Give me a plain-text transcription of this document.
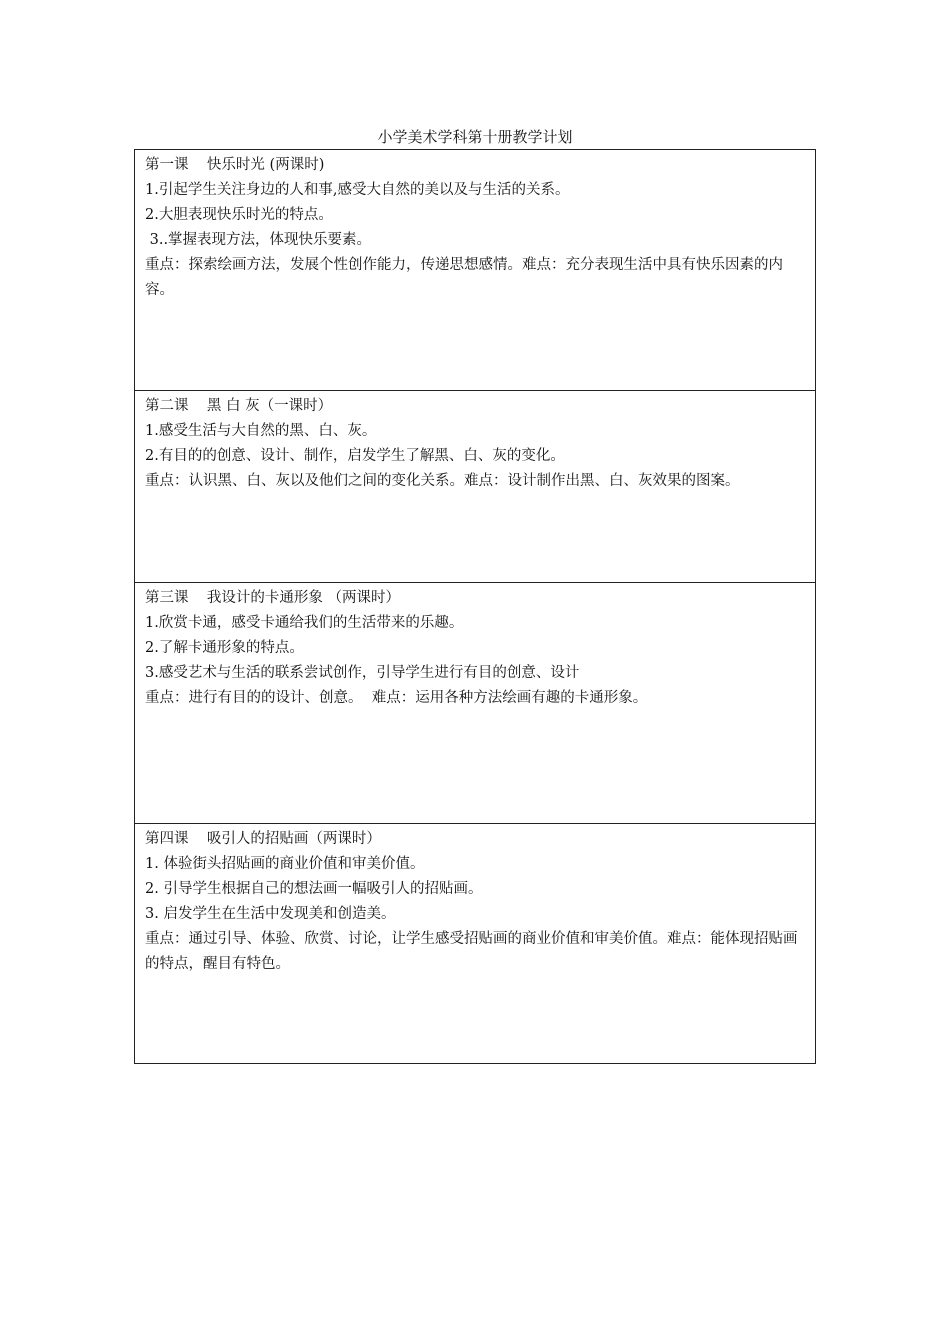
小学美术学科第十册教学计划

第一课    快乐时光 (两课时)

1.引起学生关注身边的人和事,感受大自然的美以及与生活的关系。

2.大胆表现快乐时光的特点。

3..掌握表现方法，体现快乐要素。

重点：探索绘画方法，发展个性创作能力，传递思想感情。难点：充分表现生活中具有快乐因素的内容。

第二课    黑 白 灰（一课时）

1.感受生活与大自然的黑、白、灰。

2.有目的的创意、设计、制作，启发学生了解黑、白、灰的变化。

重点：认识黑、白、灰以及他们之间的变化关系。难点：设计制作出黑、白、灰效果的图案。

第三课    我设计的卡通形象 （两课时）

1.欣赏卡通，感受卡通给我们的生活带来的乐趣。

2.了解卡通形象的特点。

3.感受艺术与生活的联系尝试创作，引导学生进行有目的创意、设计

重点：进行有目的的设计、创意。  难点：运用各种方法绘画有趣的卡通形象。

第四课    吸引人的招贴画（两课时）

1. 体验街头招贴画的商业价值和审美价值。

2. 引导学生根据自己的想法画一幅吸引人的招贴画。

3. 启发学生在生活中发现美和创造美。

重点：通过引导、体验、欣赏、讨论，让学生感受招贴画的商业价值和审美价值。难点：能体现招贴画的特点，醒目有特色。
